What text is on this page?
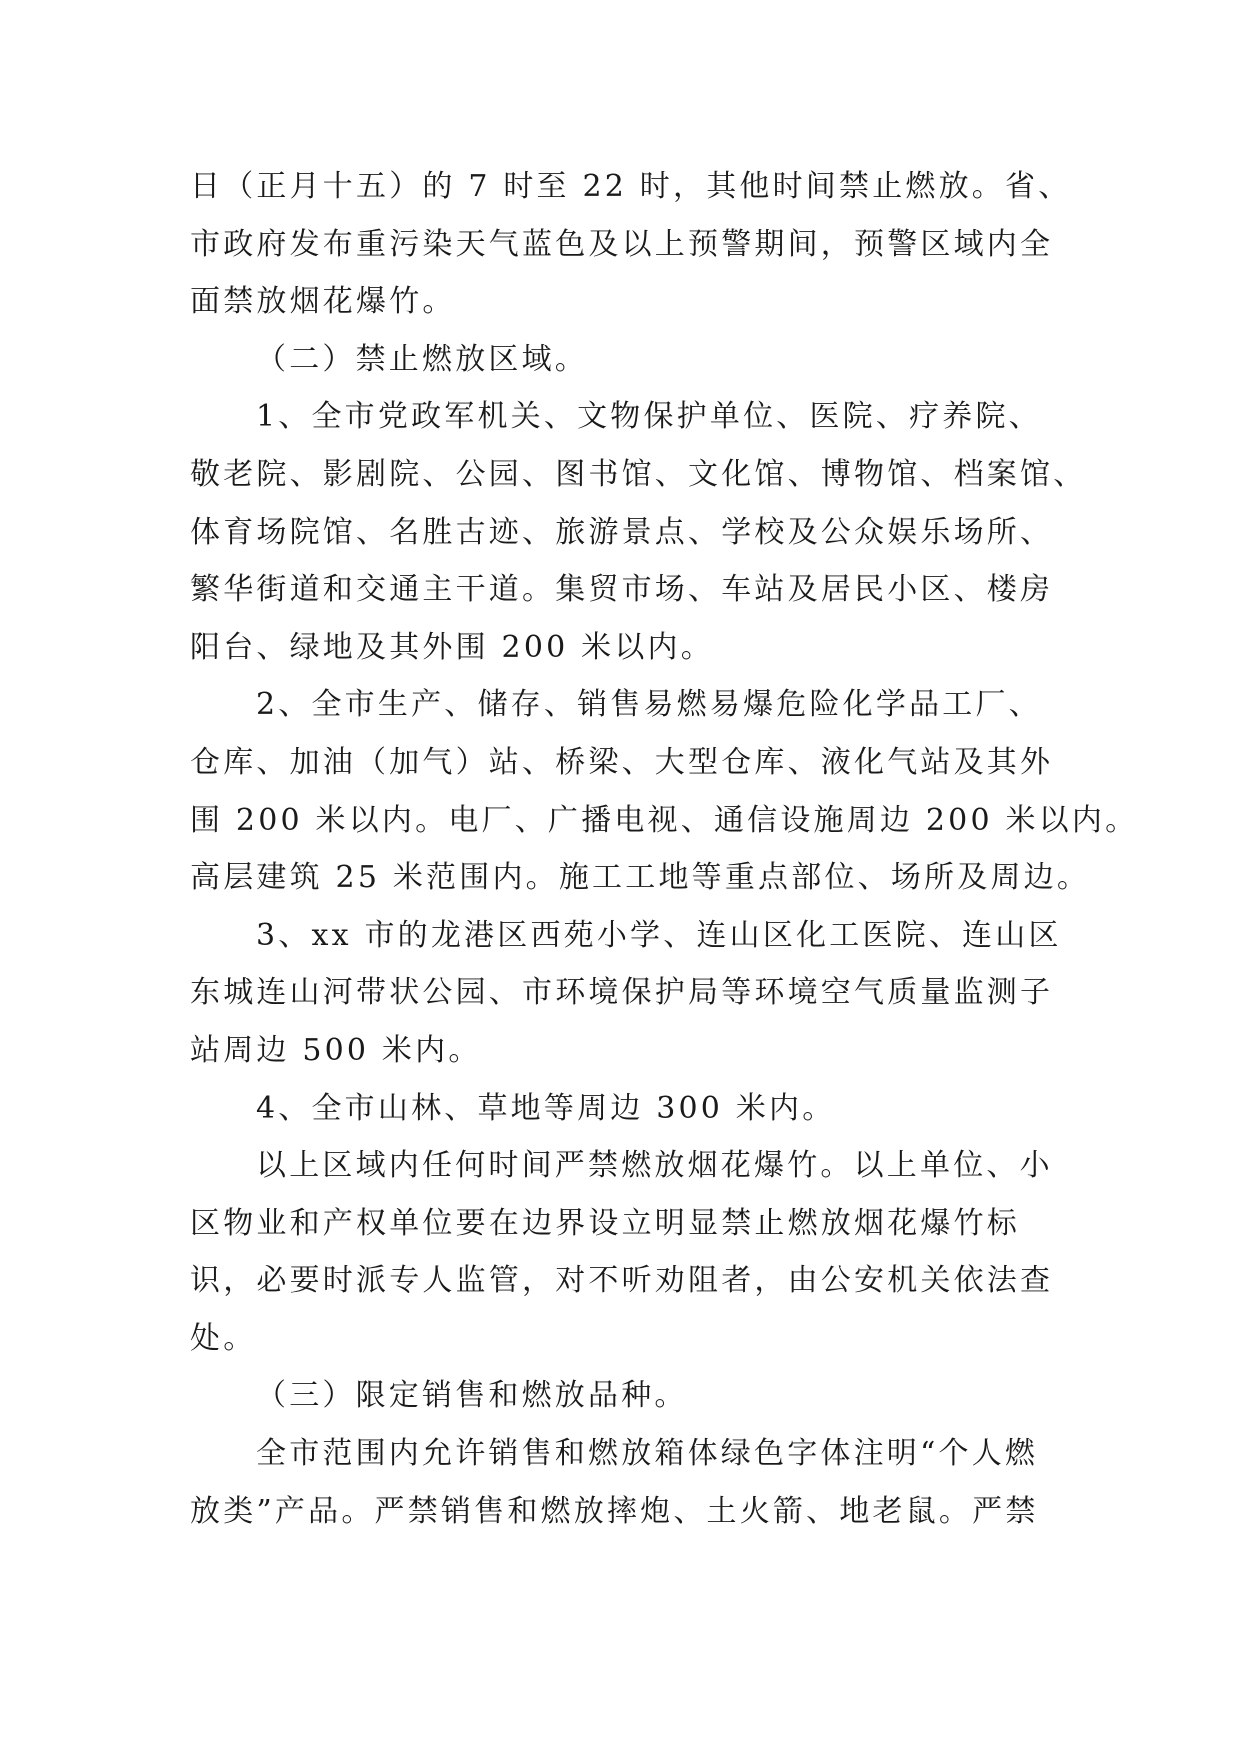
日（正月十五）的 7 时至 22 时，其他时间禁止燃放。省、
市政府发布重污染天气蓝色及以上预警期间，预警区域内全
面禁放烟花爆竹。
（二）禁止燃放区域。
1、全市党政军机关、文物保护单位、医院、疗养院、
敬老院、影剧院、公园、图书馆、文化馆、博物馆、档案馆、
体育场院馆、名胜古迹、旅游景点、学校及公众娱乐场所、
繁华街道和交通主干道。集贸市场、车站及居民小区、楼房
阳台、绿地及其外围 200 米以内。
2、全市生产、储存、销售易燃易爆危险化学品工厂、
仓库、加油（加气）站、桥梁、大型仓库、液化气站及其外
围 200 米以内。电厂、广播电视、通信设施周边 200 米以内。
高层建筑 25 米范围内。施工工地等重点部位、场所及周边。
3、xx 市的龙港区西苑小学、连山区化工医院、连山区
东城连山河带状公园、市环境保护局等环境空气质量监测子
站周边 500 米内。
4、全市山林、草地等周边 300 米内。
以上区域内任何时间严禁燃放烟花爆竹。以上单位、小
区物业和产权单位要在边界设立明显禁止燃放烟花爆竹标
识，必要时派专人监管，对不听劝阻者，由公安机关依法查
处。
（三）限定销售和燃放品种。
全市范围内允许销售和燃放箱体绿色字体注明“个人燃
放类”产品。严禁销售和燃放摔炮、土火箭、地老鼠。严禁
